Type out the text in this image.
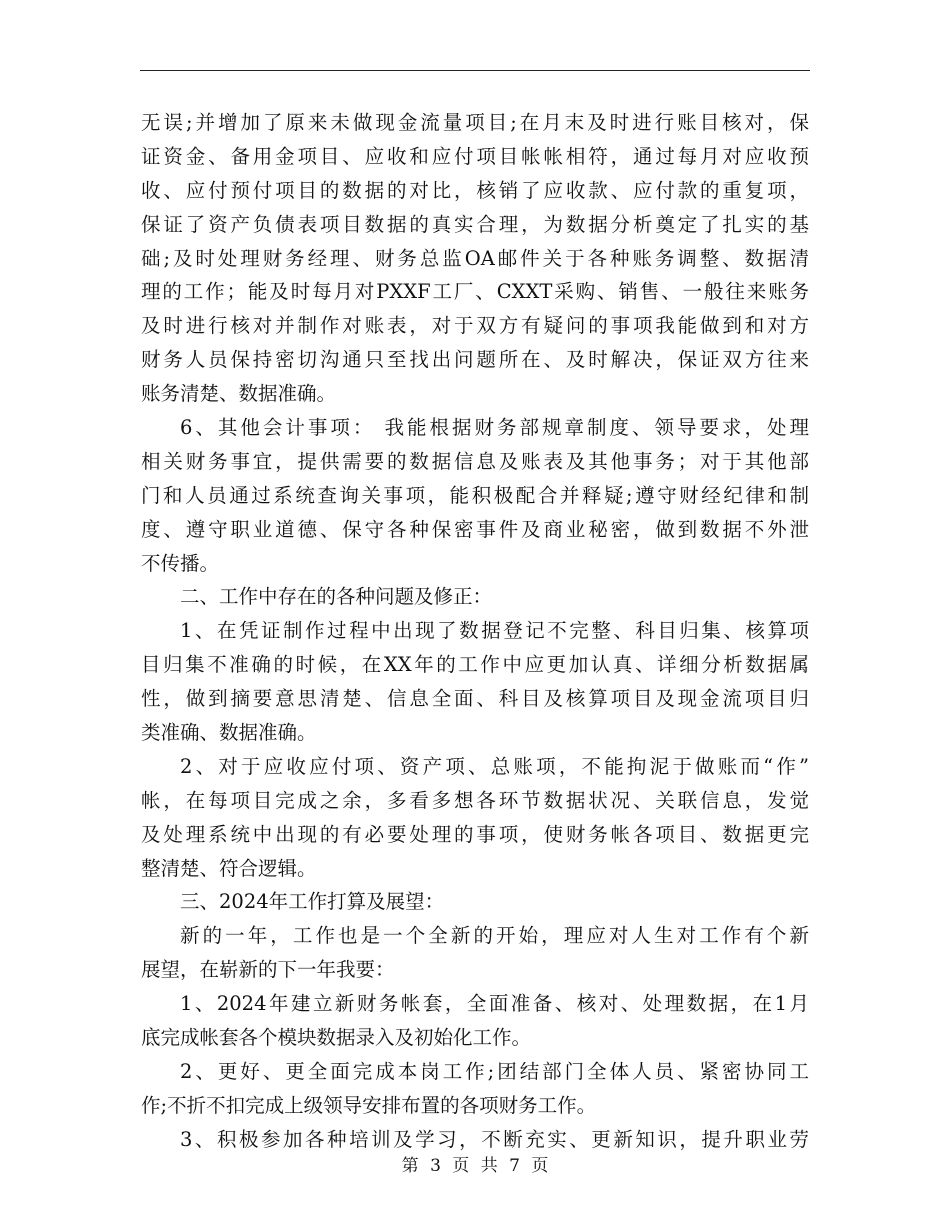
无误;并增加了原来未做现金流量项目;在月末及时进行账目核对，保
证资金、备用金项目、应收和应付项目帐帐相符，通过每月对应收预
收、应付预付项目的数据的对比，核销了应收款、应付款的重复项，
保证了资产负债表项目数据的真实合理，为数据分析奠定了扎实的基
础;及时处理财务经理、财务总监OA邮件关于各种账务调整、数据清
理的工作；能及时每月对PXXF工厂、CXXT采购、销售、一般往来账务
及时进行核对并制作对账表，对于双方有疑问的事项我能做到和对方
财务人员保持密切沟通只至找出问题所在、及时解决，保证双方往来
账务清楚、数据准确。
6、其他会计事项： 我能根据财务部规章制度、领导要求，处理
相关财务事宜，提供需要的数据信息及账表及其他事务；对于其他部
门和人员通过系统查询关事项，能积极配合并释疑;遵守财经纪律和制
度、遵守职业道德、保守各种保密事件及商业秘密，做到数据不外泄
不传播。
二、工作中存在的各种问题及修正：
1、在凭证制作过程中出现了数据登记不完整、科目归集、核算项
目归集不准确的时候，在XX年的工作中应更加认真、详细分析数据属
性，做到摘要意思清楚、信息全面、科目及核算项目及现金流项目归
类准确、数据准确。
2、对于应收应付项、资产项、总账项，不能拘泥于做账而“作”
帐，在每项目完成之余，多看多想各环节数据状况、关联信息，发觉
及处理系统中出现的有必要处理的事项，使财务帐各项目、数据更完
整清楚、符合逻辑。
三、2024年工作打算及展望：
新的一年，工作也是一个全新的开始，理应对人生对工作有个新
展望，在崭新的下一年我要：
1、2024年建立新财务帐套，全面准备、核对、处理数据，在1月
底完成帐套各个模块数据录入及初始化工作。
2、更好、更全面完成本岗工作;团结部门全体人员、紧密协同工
作;不折不扣完成上级领导安排布置的各项财务工作。
3、积极参加各种培训及学习，不断充实、更新知识，提升职业劳
第 3 页 共 7 页
